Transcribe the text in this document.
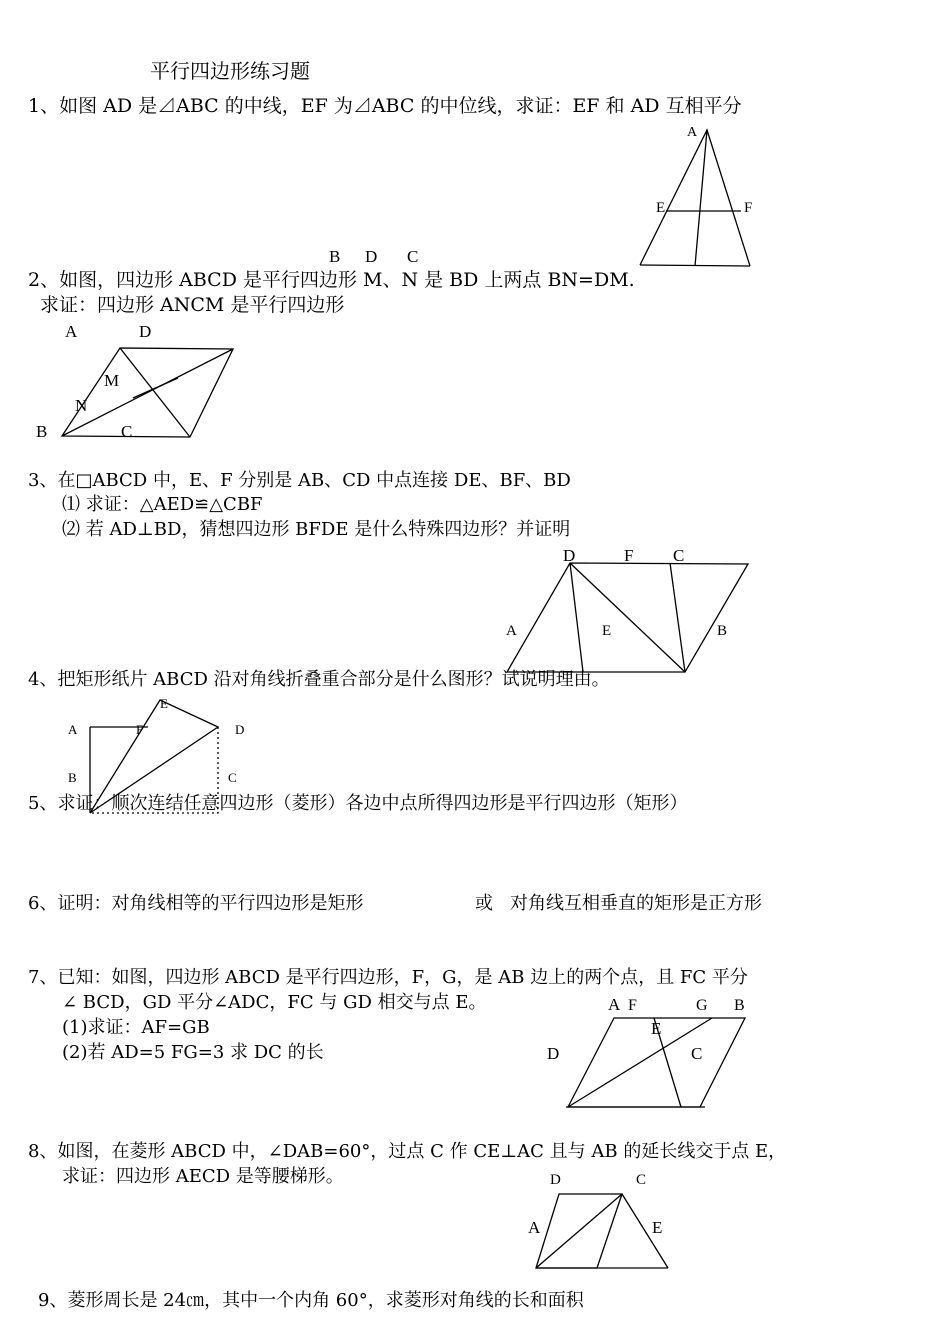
平行四边形练习题
1、如图 AD 是⊿ABC 的中线，EF 为⊿ABC 的中位线，求证：EF 和 AD 互相平分
2、如图，四边形 ABCD 是平行四边形 M、N 是 BD 上两点 BN=DM.
求证：四边形 ANCM 是平行四边形
3、在□ABCD 中，E、F 分别是 AB、CD 中点连接 DE、BF、BD
⑴ 求证：△AED≌△CBF
⑵ 若 AD⊥BD，猜想四边形 BFDE 是什么特殊四边形？并证明
4、把矩形纸片 ABCD 沿对角线折叠重合部分是什么图形？试说明理由。
5、求证：顺次连结任意四边形（菱形）各边中点所得四边形是平行四边形（矩形）
6、证明：对角线相等的平行四边形是矩形	或 对角线互相垂直的矩形是正方形
7、已知：如图，四边形 ABCD 是平行四边形，F，G，是 AB 边上的两个点，且 FC 平分
∠ BCD，GD 平分∠ADC，FC 与 GD 相交与点 E。
(1)求证：AF=GB
(2)若 AD=5 FG=3 求 DC 的长
8、如图，在菱形 ABCD 中，∠DAB=60°，过点 C 作 CE⊥AC 且与 AB 的延长线交于点 E，
求证：四边形 AECD 是等腰梯形。
9、菱形周长是 24㎝，其中一个内角 60°，求菱形对角线的长和面积
A
E	F
B D C
A	D
M
N
B	C
D	F C
A	E	B
E
A	F	D
B	C
A F	G B
E
D	C
D	C
A	E
